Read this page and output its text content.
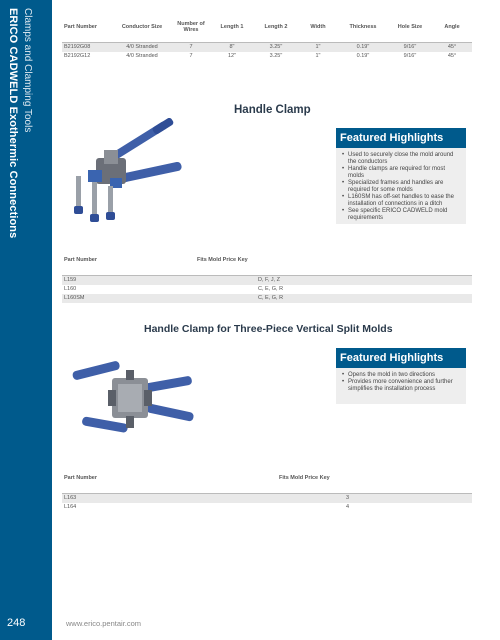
ERICO CADWELD Exothermic Connections Clamps and Clamping Tools
248
Part Number	Conductor Size	Number of Wires	Length 1	Length 2	Width	Thickness	Hole Size	Angle
B2192G08	4/0 Stranded	7	8"	3.25"	1"	0.19"	9/16"	45°
B2192G12	4/0 Stranded	7	12"	3.25"	1"	0.19"	9/16"	45°
Handle Clamp
Featured Highlights
• Used to securely close the mold around the conductors
• Handle clamps are required for most molds
• Specialized frames and handles are required for some molds
• L160SM has off-set handles to ease the installation of connections in a ditch
• See specific ERICO CADWELD mold requirements
Part Number	Fits Mold Price Key
L159	D, F, J, Z
L160	C, E, G, R
L160SM	C, E, G, R
Handle Clamp for Three-Piece Vertical Split Molds
Featured Highlights
• Opens the mold in two directions
• Provides more convenience and further simplifies the installation process
Part Number	Fits Mold Price Key
L163	3
L164	4
www.erico.pentair.com
